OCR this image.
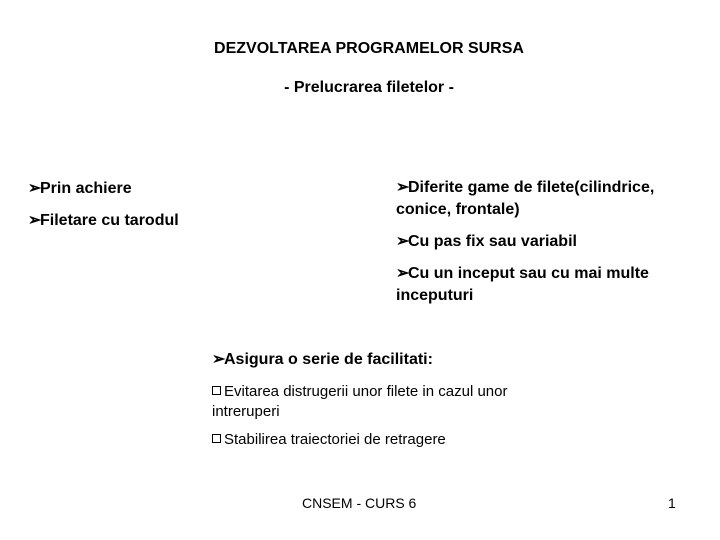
DEZVOLTAREA PROGRAMELOR SURSA
- Prelucrarea filetelor -
➢Prin achiere
➢Filetare cu tarodul
➢Diferite game de filete(cilindrice, conice, frontale)
➢Cu pas fix sau variabil
➢Cu un inceput sau cu mai multe inceputuri
➢Asigura o serie de facilitati:
Evitarea distrugerii unor filete in cazul unor intreruperi
Stabilirea traiectoriei de retragere
CNSEM - CURS 6	1
